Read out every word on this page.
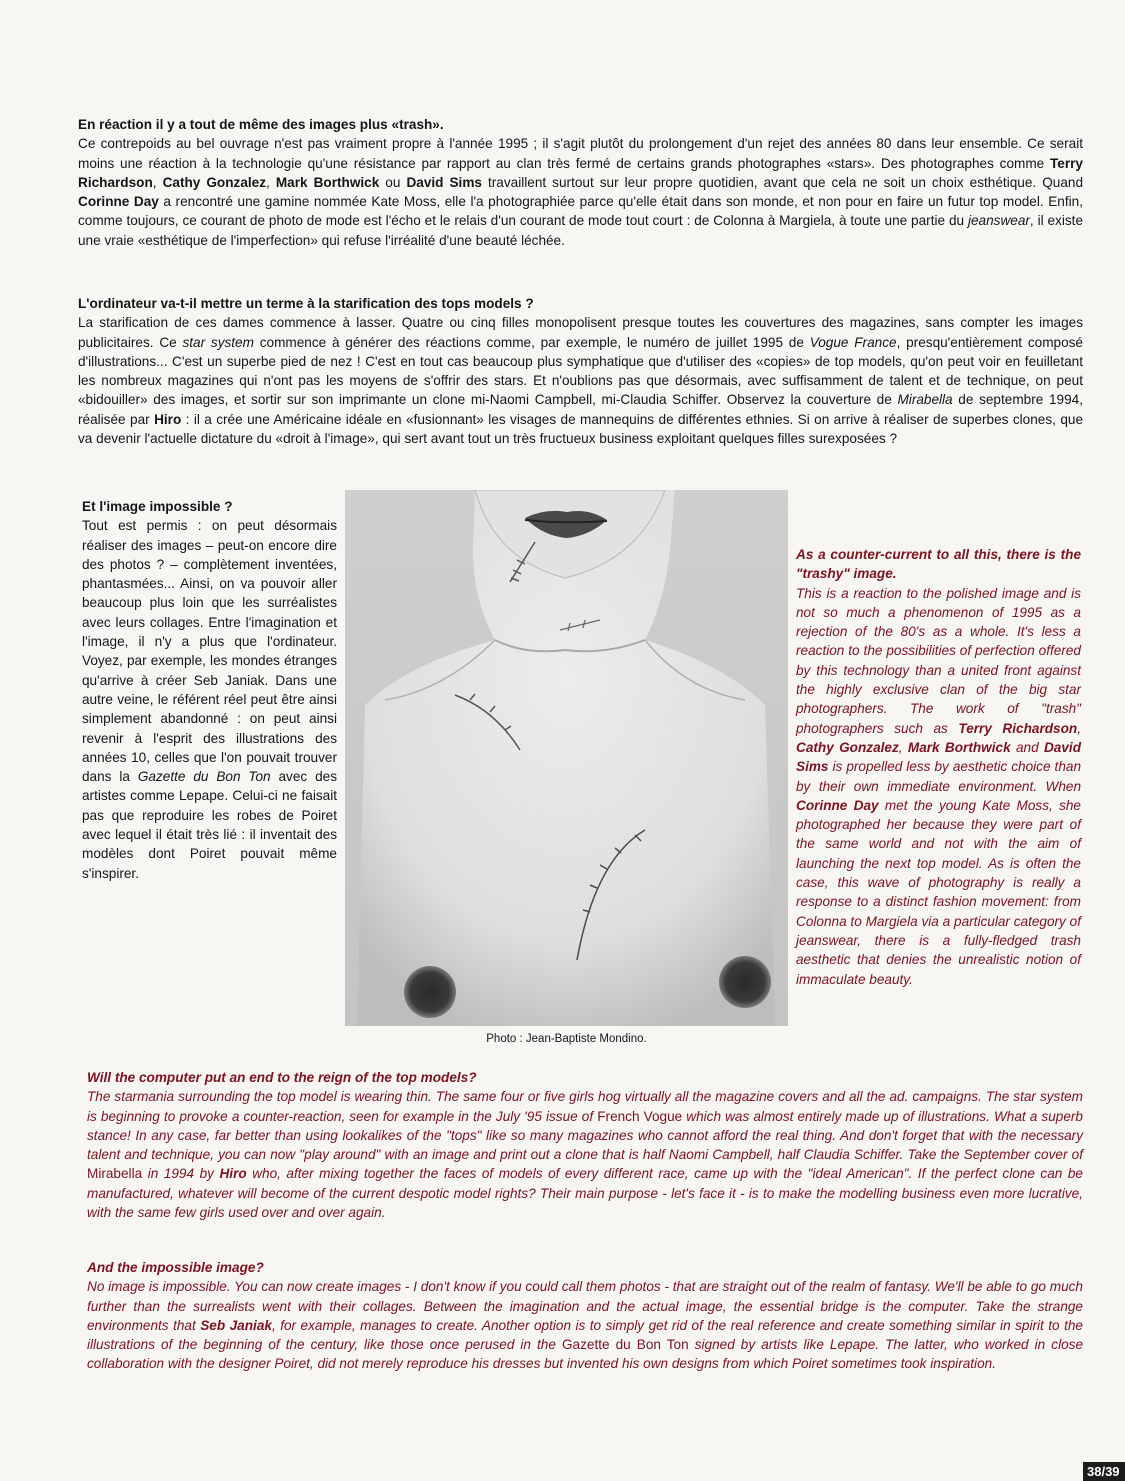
En réaction il y a tout de même des images plus «trash».

Ce contrepoids au bel ouvrage n'est pas vraiment propre à l'année 1995 ; il s'agit plutôt du prolongement d'un rejet des années 80 dans leur ensemble. Ce serait moins une réaction à la technologie qu'une résistance par rapport au clan très fermé de certains grands photographes «stars». Des photographes comme Terry Richardson, Cathy Gonzalez, Mark Borthwick ou David Sims travaillent surtout sur leur propre quotidien, avant que cela ne soit un choix esthétique. Quand Corinne Day a rencontré une gamine nommée Kate Moss, elle l'a photographiée parce qu'elle était dans son monde, et non pour en faire un futur top model. Enfin, comme toujours, ce courant de photo de mode est l'écho et le relais d'un courant de mode tout court : de Colonna à Margiela, à toute une partie du jeanswear, il existe une vraie «esthétique de l'imperfection» qui refuse l'irréalité d'une beauté léchée.

L'ordinateur va-t-il mettre un terme à la starification des tops models ?

La starification de ces dames commence à lasser. Quatre ou cinq filles monopolisent presque toutes les couvertures des magazines, sans compter les images publicitaires. Ce star system commence à générer des réactions comme, par exemple, le numéro de juillet 1995 de Vogue France, presqu'entièrement composé d'illustrations... C'est un superbe pied de nez ! C'est en tout cas beaucoup plus symphatique que d'utiliser des «copies» de top models, qu'on peut voir en feuilletant les nombreux magazines qui n'ont pas les moyens de s'offrir des stars. Et n'oublions pas que désormais, avec suffisamment de talent et de technique, on peut «bidouiller» des images, et sortir sur son imprimante un clone mi-Naomi Campbell, mi-Claudia Schiffer. Observez la couverture de Mirabella de septembre 1994, réalisée par Hiro : il a crée une Américaine idéale en «fusionnant» les visages de mannequins de différentes ethnies. Si on arrive à réaliser de superbes clones, que va devenir l'actuelle dictature du «droit à l'image», qui sert avant tout un très fructueux business exploitant quelques filles surexposées ?

Et l'image impossible ?

Tout est permis : on peut désormais réaliser des images – peut-on encore dire des photos ? – complètement inventées, phantasmées... Ainsi, on va pouvoir aller beaucoup plus loin que les surréalistes avec leurs collages. Entre l'imagination et l'image, il n'y a plus que l'ordinateur. Voyez, par exemple, les mondes étranges qu'arrive à créer Seb Janiak. Dans une autre veine, le référent réel peut être ainsi simplement abandonné : on peut ainsi revenir à l'esprit des illustrations des années 10, celles que l'on pouvait trouver dans la Gazette du Bon Ton avec des artistes comme Lepape. Celui-ci ne faisait pas que reproduire les robes de Poiret avec lequel il était très lié : il inventait des modèles dont Poiret pouvait même s'inspirer.

Photo : Jean-Baptiste Mondino.
As a counter-current to all this, there is the "trashy" image.

This is a reaction to the polished image and is not so much a phenomenon of 1995 as a rejection of the 80's as a whole. It's less a reaction to the possibilities of perfection offered by this technology than a united front against the highly exclusive clan of the big star photographers. The work of "trash" photographers such as Terry Richardson, Cathy Gonzalez, Mark Borthwick and David Sims is propelled less by aesthetic choice than by their own immediate environment. When Corinne Day met the young Kate Moss, she photographed her because they were part of the same world and not with the aim of launching the next top model. As is often the case, this wave of photography is really a response to a distinct fashion movement: from Colonna to Margiela via a particular category of jeanswear, there is a fully-fledged trash aesthetic that denies the unrealistic notion of immaculate beauty.

Will the computer put an end to the reign of the top models?

The starmania surrounding the top model is wearing thin. The same four or five girls hog virtually all the magazine covers and all the ad. campaigns. The star system is beginning to provoke a counter-reaction, seen for example in the July '95 issue of French Vogue which was almost entirely made up of illustrations. What a superb stance! In any case, far better than using lookalikes of the "tops" like so many magazines who cannot afford the real thing. And don't forget that with the necessary talent and technique, you can now "play around" with an image and print out a clone that is half Naomi Campbell, half Claudia Schiffer. Take the September cover of Mirabella in 1994 by Hiro who, after mixing together the faces of models of every different race, came up with the "ideal American". If the perfect clone can be manufactured, whatever will become of the current despotic model rights? Their main purpose - let's face it - is to make the modelling business even more lucrative, with the same few girls used over and over again.

And the impossible image?

No image is impossible. You can now create images - I don't know if you could call them photos - that are straight out of the realm of fantasy. We'll be able to go much further than the surrealists went with their collages. Between the imagination and the actual image, the essential bridge is the computer. Take the strange environments that Seb Janiak, for example, manages to create. Another option is to simply get rid of the real reference and create something similar in spirit to the illustrations of the beginning of the century, like those once perused in the Gazette du Bon Ton signed by artists like Lepape. The latter, who worked in close collaboration with the designer Poiret, did not merely reproduce his dresses but invented his own designs from which Poiret sometimes took inspiration.

38/39
